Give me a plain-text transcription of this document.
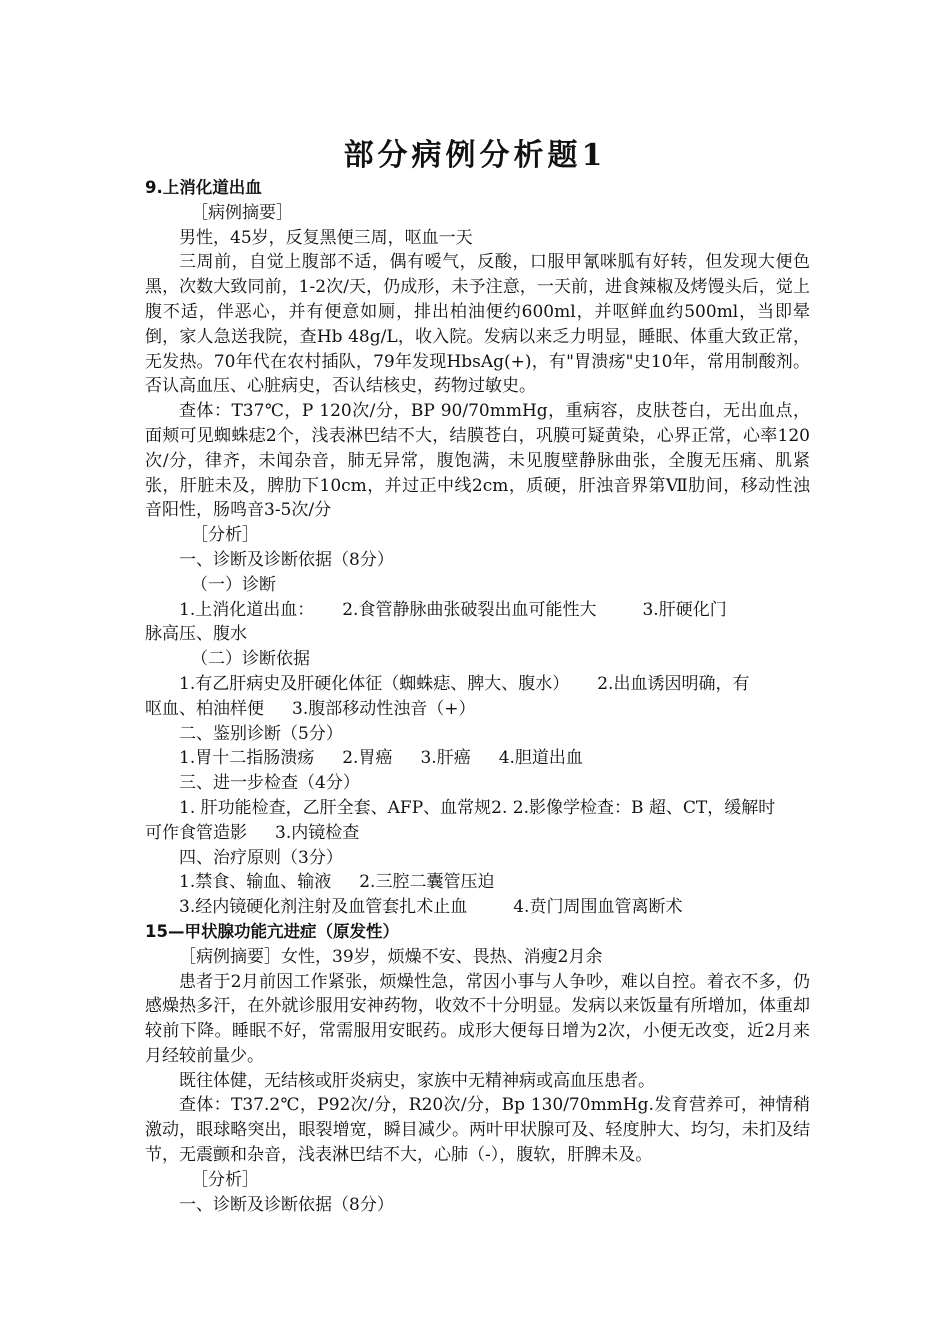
部分病例分析题1

9.上消化道出血

［病例摘要］

男性，45岁，反复黑便三周，呕血一天

三周前，自觉上腹部不适，偶有嗳气，反酸，口服甲氰咪胍有好转，但发现大便色黑，次数大致同前，1-2次/天，仍成形，未予注意，一天前，进食辣椒及烤馒头后，觉上腹不适，伴恶心，并有便意如厕，排出柏油便约600ml，并呕鲜血约500ml，当即晕倒，家人急送我院，查Hb 48g/L，收入院。发病以来乏力明显，睡眠、体重大致正常，无发热。70年代在农村插队，79年发现HbsAg(+)，有"胃溃疡"史10年，常用制酸剂。否认高血压、心脏病史，否认结核史，药物过敏史。

查体：T37℃，P 120次/分，BP 90/70mmHg，重病容，皮肤苍白，无出血点，面颊可见蜘蛛痣2个，浅表淋巴结不大，结膜苍白，巩膜可疑黄染，心界正常，心率120次/分，律齐，未闻杂音，肺无异常，腹饱满，未见腹壁静脉曲张，全腹无压痛、肌紧张，肝脏未及，脾肋下10cm，并过正中线2cm，质硬，肝浊音界第Ⅶ肋间，移动性浊音阳性，肠鸣音3-5次/分

［分析］

一、诊断及诊断依据（8分）

（一）诊断

1.上消化道出血： 2.食管静脉曲张破裂出血可能性大	3.肝硬化门

脉高压、腹水

（二）诊断依据

1.有乙肝病史及肝硬化体征（蜘蛛痣、脾大、腹水） 2.出血诱因明确，有

呕血、柏油样便 3.腹部移动性浊音（+）

二、鉴别诊断（5分）

1.胃十二指肠溃疡 2.胃癌 3.肝癌 4.胆道出血

三、进一步检查（4分）

1. 肝功能检查，乙肝全套、AFP、血常规2. 2.影像学检查：B 超、CT，缓解时

可作食管造影 3.内镜检查

四、治疗原则（3分）

1.禁食、输血、输液 2.三腔二囊管压迫

3.经内镜硬化剂注射及血管套扎术止血	4.贲门周围血管离断术

15—甲状腺功能亢进症（原发性）

［病例摘要］女性，39岁，烦燥不安、畏热、消瘦2月余

患者于2月前因工作紧张，烦燥性急，常因小事与人争吵，难以自控。着衣不多，仍感燥热多汗，在外就诊服用安神药物，收效不十分明显。发病以来饭量有所增加，体重却较前下降。睡眠不好，常需服用安眠药。成形大便每日增为2次，小便无改变，近2月来月经较前量少。

既往体健，无结核或肝炎病史，家族中无精神病或高血压患者。

查体：T37.2℃，P92次/分，R20次/分，Bp 130/70mmHg.发育营养可，神情稍激动，眼球略突出，眼裂增宽，瞬目减少。两叶甲状腺可及、轻度肿大、均匀，未扪及结节，无震颤和杂音，浅表淋巴结不大，心肺（-），腹软，肝脾未及。

［分析］

一、诊断及诊断依据（8分）
